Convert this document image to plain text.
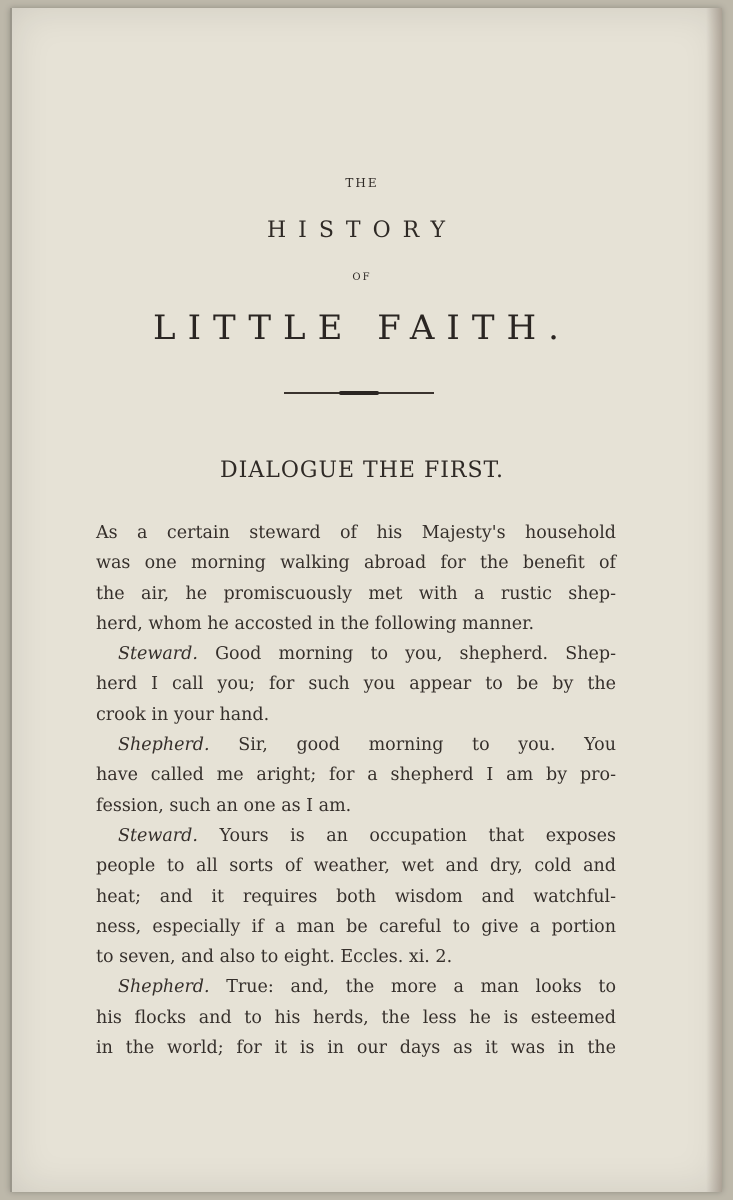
THE
HISTORY
OF
LITTLE FAITH.
DIALOGUE THE FIRST.
As a certain steward of his Majesty's household
was one morning walking abroad for the benefit of
the air, he promiscuously met with a rustic shep-
herd, whom he accosted in the following manner.
Steward. Good morning to you, shepherd. Shep-
herd I call you; for such you appear to be by the
crook in your hand.
Shepherd. Sir, good morning to you. You
have called me aright; for a shepherd I am by pro-
fession, such an one as I am.
Steward. Yours is an occupation that exposes
people to all sorts of weather, wet and dry, cold and
heat; and it requires both wisdom and watchful-
ness, especially if a man be careful to give a portion
to seven, and also to eight. Eccles. xi. 2.
Shepherd. True: and, the more a man looks to
his flocks and to his herds, the less he is esteemed
in the world; for it is in our days as it was in the
